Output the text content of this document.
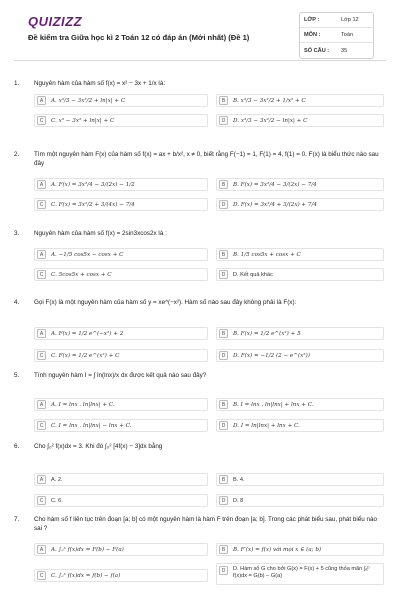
QUIZIZZ
Đề kiểm tra Giữa học kì 2 Toán 12 có đáp án (Mới nhất) (Đề 1)
LỚP :	Lớp 12
MÔN :	Toán
SỐ CÂU :	35
1.	Nguyên hàm của hàm số f(x) = x² − 3x + 1/x là:
A	A. x³/3 − 3x²/2 + ln|x| + C	B	B. x³/3 − 3x²/2 + 1/x² + C
C	C. x³ − 3x² + ln|x| + C	D	D. x³/3 − 3x²/2 − ln|x| + C
2.	Tìm một nguyên hàm F(x) của hàm số f(x) = ax + b/x², x ≠ 0, biết rằng F(−1) = 1, F(1) = 4, f(1) = 0. F(x) là biểu thức nào sau đây
A	A. F(x) = 3x²/4 − 3/(2x) − 1/2	B	B. F(x) = 3x²/4 − 3/(2x) − 7/4
C	C. F(x) = 3x²/2 + 3/(4x) − 7/4	D	D. F(x) = 3x²/4 + 3/(2x) + 7/4
3.	Nguyên hàm của hàm số f(x) = 2sin3xcos2x là :
A	A. −1/5 cos5x − cosx + C	B	B. 1/5 cos5x + cosx + C
C	C. 5cos5x + cosx + C	D	D. Kết quả khác
4.	Gọi F(x) là một nguyên hàm của hàm số y = xe^(−x²). Hàm số nào sau đây không phải là F(x):
A	A. F(x) = 1/2 e^(−x²) + 2	B	B. F(x) = 1/2 e^(x²) + 5
C	C. F(x) = 1/2 e^(x²) + C	D	D. F(x) = −1/2 (2 − e^(x²))
5.	Tính nguyên hàm I = ∫ ln(lnx)/x dx được kết quả nào sau đây?
A	A. I = lnx . ln|lnx| + C.	B	B. I = lnx . ln|lnx| + lnx + C.
C	C. I = lnx . ln|lnx| − lnx + C.	D	D. I = ln|lnx| + lnx + C.
6.	Cho ∫₀² f(x)dx = 3. Khi đó ∫₀² [4f(x) − 3]dx bằng
A	A. 2.	B	B. 4.
C	C. 6.	D	D. 8
7.	Cho hàm số f liên tục trên đoạn [a; b] có một nguyên hàm là hàm F trên đoạn [a; b]. Trong các phát biểu sau, phát biểu nào sai ?
A	A. ∫ₐᵇ f(x)dx = F(b) − F(a)	B	B. F′(x) = f(x) với mọi x ∈ (a; b)
C	C. ∫ₐᵇ f(x)dx = f(b) − f(a)
D	D. Hàm số G cho bởi G(x) = F(x) + 5 cũng thỏa mãn ∫ₐᵇ f(x)dx = G(b) − G(a)
